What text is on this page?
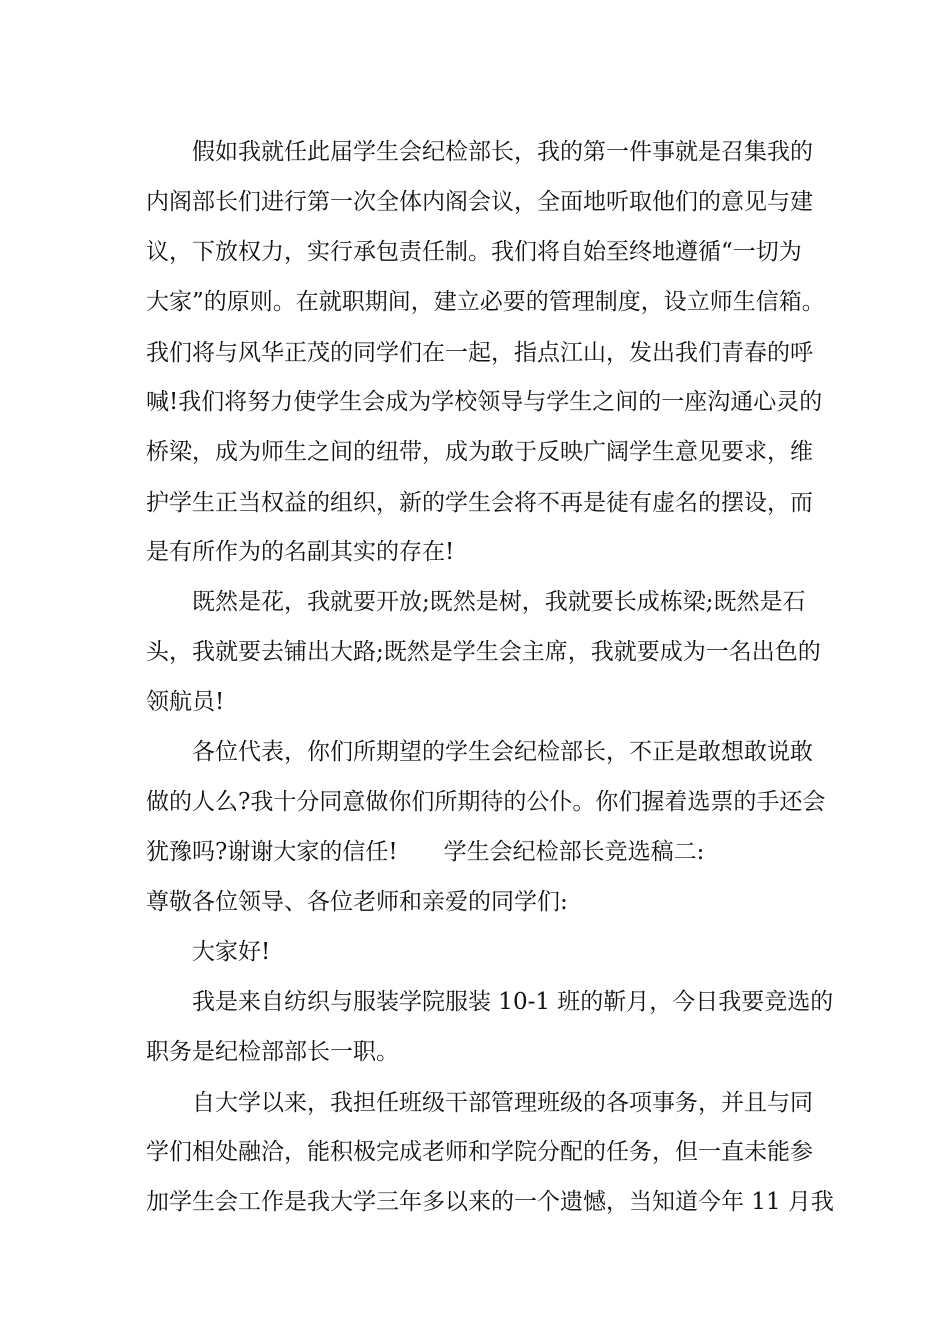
假如我就任此届学生会纪检部长，我的第一件事就是召集我的
内阁部长们进行第一次全体内阁会议，全面地听取他们的意见与建
议，下放权力，实行承包责任制。我们将自始至终地遵循“一切为
大家”的原则。在就职期间，建立必要的管理制度，设立师生信箱。
我们将与风华正茂的同学们在一起，指点江山，发出我们青春的呼
喊!我们将努力使学生会成为学校领导与学生之间的一座沟通心灵的
桥梁，成为师生之间的纽带，成为敢于反映广阔学生意见要求，维
护学生正当权益的组织，新的学生会将不再是徒有虚名的摆设，而
是有所作为的名副其实的存在!
既然是花，我就要开放;既然是树，我就要长成栋梁;既然是石
头，我就要去铺出大路;既然是学生会主席，我就要成为一名出色的
领航员!
各位代表，你们所期望的学生会纪检部长，不正是敢想敢说敢
做的人么?我十分同意做你们所期待的公仆。你们握着选票的手还会
犹豫吗?谢谢大家的信任!　　学生会纪检部长竞选稿二:
尊敬各位领导、各位老师和亲爱的同学们:
大家好!
我是来自纺织与服装学院服装 10-1 班的靳月，今日我要竞选的
职务是纪检部部长一职。
自大学以来，我担任班级干部管理班级的各项事务，并且与同
学们相处融洽，能积极完成老师和学院分配的任务，但一直未能参
加学生会工作是我大学三年多以来的一个遗憾，当知道今年 11 月我
